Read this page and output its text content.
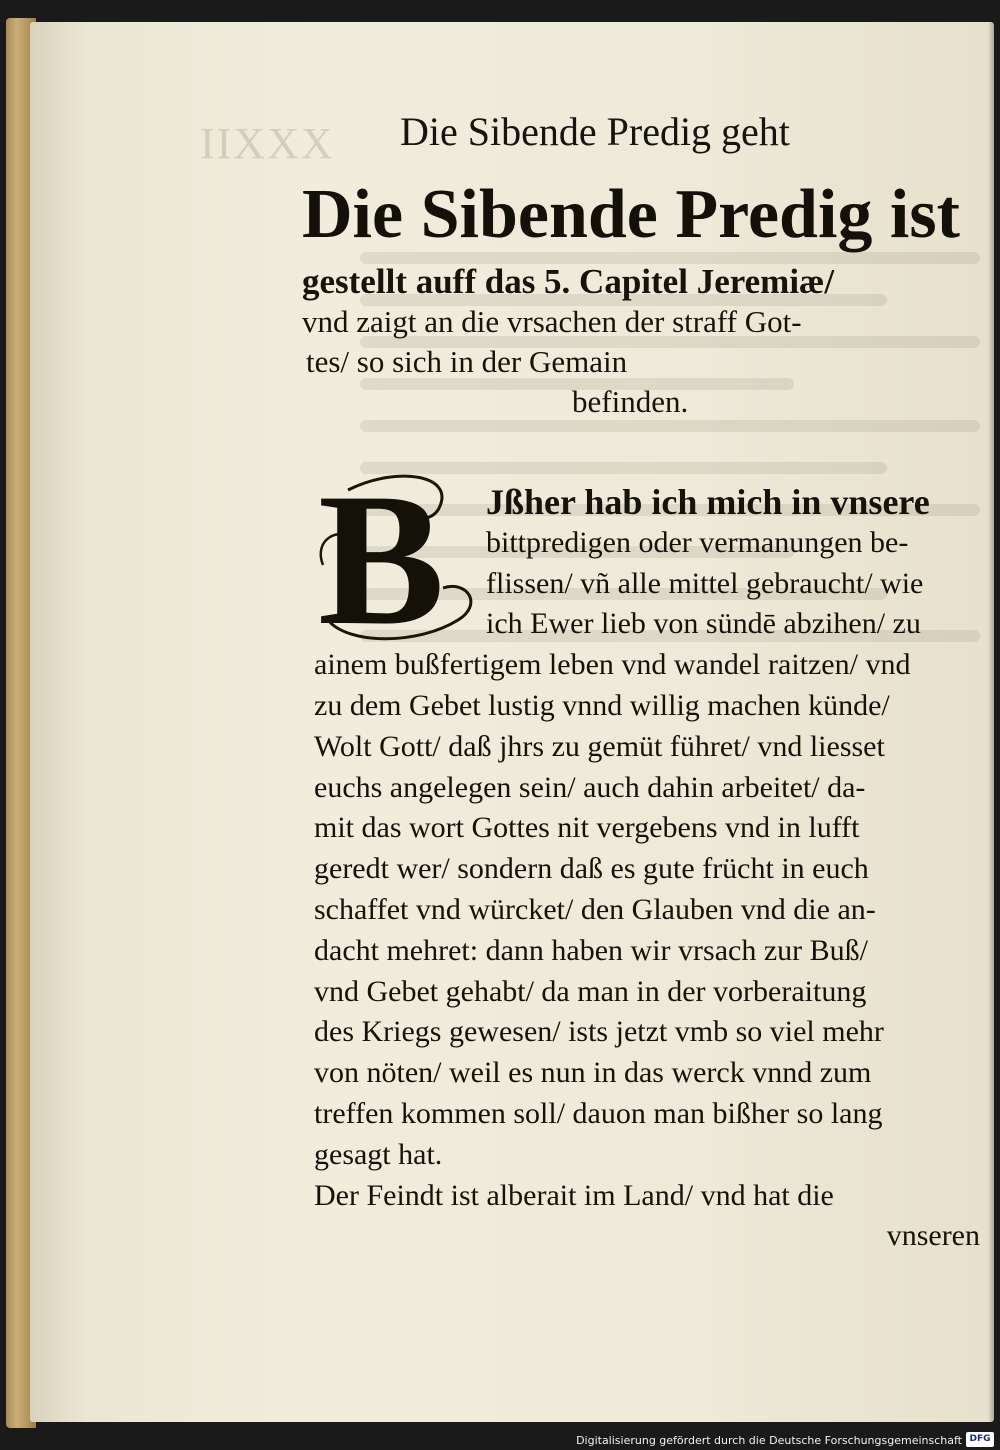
IIXXX Die Sibende Predig geht
Die Sibende Predig ist
gestellt auff das 5. Capitel Jeremiæ/
vnd zaigt an die vrsachen der straff Got-
tes/ so sich in der Gemain
befinden.
B	Jßher hab ich mich in vnsere
bittpredigen oder vermanungen be-
flissen/ vñ alle mittel gebraucht/ wie
ich Ewer lieb von sündē abzihen/ zu
ainem bußfertigem leben vnd wandel raitzen/ vnd
zu dem Gebet lustig vnnd willig machen künde/
Wolt Gott/ daß jhrs zu gemüt führet/ vnd liesset
euchs angelegen sein/ auch dahin arbeitet/ da-
mit das wort Gottes nit vergebens vnd in lufft
geredt wer/ sondern daß es gute frücht in euch
schaffet vnd würcket/ den Glauben vnd die an-
dacht mehret: dann haben wir vrsach zur Buß/
vnd Gebet gehabt/ da man in der vorberaitung
des Kriegs gewesen/ ists jetzt vmb so viel mehr
von nöten/ weil es nun in das werck vnnd zum
treffen kommen soll/ dauon man bißher so lang
gesagt hat.
Der Feindt ist alberait im Land/ vnd hat die
vnseren
Digitalisierung gefördert durch die Deutsche Forschungsgemeinschaft DFG
